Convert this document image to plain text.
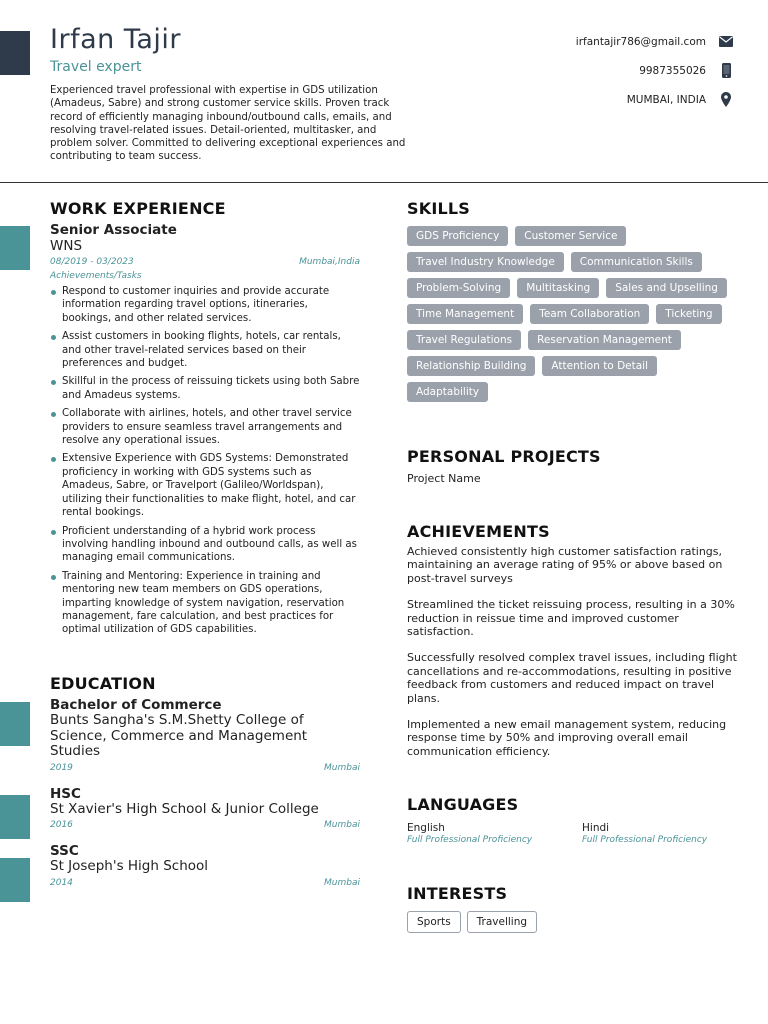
Irfan Tajir
Travel expert
Experienced travel professional with expertise in GDS utilization (Amadeus, Sabre) and strong customer service skills. Proven track record of efficiently managing inbound/outbound calls, emails, and resolving travel-related issues. Detail-oriented, multitasker, and problem solver. Committed to delivering exceptional experiences and contributing to team success.
irfantajir786@gmail.com
9987355026
MUMBAI, INDIA
WORK EXPERIENCE
Senior Associate
WNS
08/2019 - 03/2023	Mumbai,India
Achievements/Tasks
Respond to customer inquiries and provide accurate information regarding travel options, itineraries, bookings, and other related services.
Assist customers in booking flights, hotels, car rentals, and other travel-related services based on their preferences and budget.
Skillful in the process of reissuing tickets using both Sabre and Amadeus systems.
Collaborate with airlines, hotels, and other travel service providers to ensure seamless travel arrangements and resolve any operational issues.
Extensive Experience with GDS Systems: Demonstrated proficiency in working with GDS systems such as Amadeus, Sabre, or Travelport (Galileo/Worldspan), utilizing their functionalities to make flight, hotel, and car rental bookings.
Proficient understanding of a hybrid work process involving handling inbound and outbound calls, as well as managing email communications.
Training and Mentoring: Experience in training and mentoring new team members on GDS operations, imparting knowledge of system navigation, reservation management, fare calculation, and best practices for optimal utilization of GDS capabilities.
EDUCATION
Bachelor of Commerce
Bunts Sangha's S.M.Shetty College of Science, Commerce and Management Studies
2019	Mumbai
HSC
St Xavier's High School & Junior College
2016	Mumbai
SSC
St Joseph's High School
2014	Mumbai
SKILLS
GDS Proficiency	Customer Service
Travel Industry Knowledge	Communication Skills
Problem-Solving	Multitasking	Sales and Upselling
Time Management	Team Collaboration	Ticketing
Travel Regulations	Reservation Management
Relationship Building	Attention to Detail
Adaptability
PERSONAL PROJECTS
Project Name
ACHIEVEMENTS
Achieved consistently high customer satisfaction ratings, maintaining an average rating of 95% or above based on post-travel surveys
Streamlined the ticket reissuing process, resulting in a 30% reduction in reissue time and improved customer satisfaction.
Successfully resolved complex travel issues, including flight cancellations and re-accommodations, resulting in positive feedback from customers and reduced impact on travel plans.
Implemented a new email management system, reducing response time by 50% and improving overall email communication efficiency.
LANGUAGES
English
Full Professional Proficiency
Hindi
Full Professional Proficiency
INTERESTS
Sports	Travelling
